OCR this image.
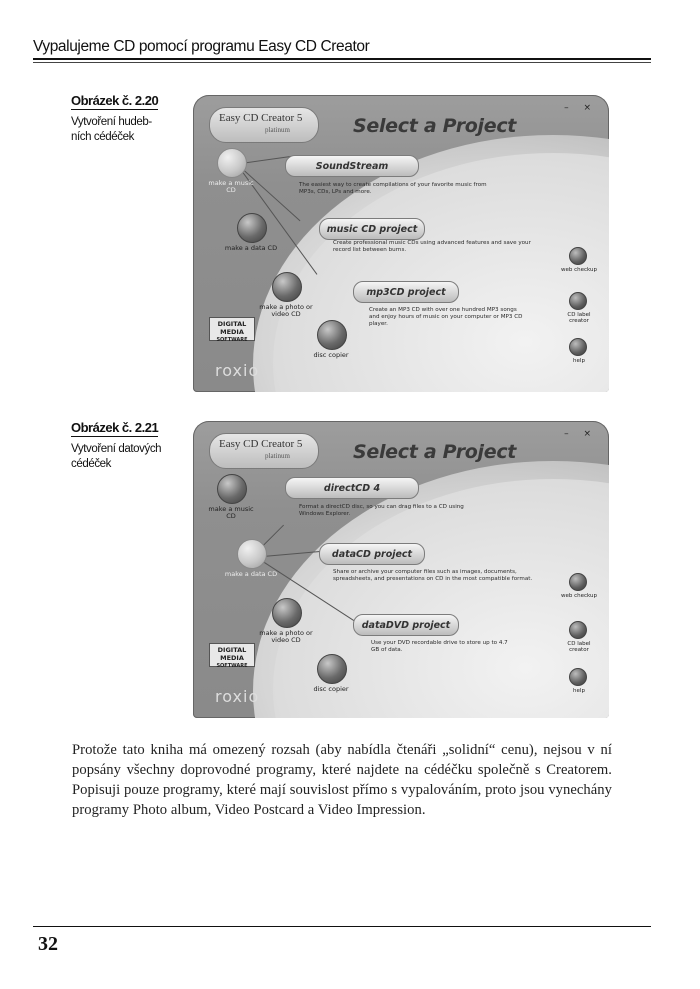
Vypalujeme CD pomocí programu Easy CD Creator
Obrázek č. 2.20
Vytvoření hudeb-
ních cédéček
Easy CD Creator 5
platinum	Select a Project
– ×
make a music CD
make a data CD
make a photo or video CD
disc copier
DIGITAL
MEDIA
SOFTWARE
roxio
SoundStream
The easiest way to create compilations of your favorite music from MP3s, CDs, LPs and more.
music CD project
Create professional music CDs using advanced features and save your record list between burns.
mp3CD project
Create an MP3 CD with over one hundred MP3 songs and enjoy hours of music on your computer or MP3 CD player.
web checkup
CD label creator
help
Obrázek č. 2.21
Vytvoření datových
cédéček
Easy CD Creator 5
platinum	Select a Project
– ×
make a music CD
make a data CD
make a photo or video CD
disc copier
DIGITAL
MEDIA
SOFTWARE
roxio
directCD 4
Format a directCD disc, so you can drag files to a CD using Windows Explorer.
dataCD project
Share or archive your computer files such as images, documents, spreadsheets, and presentations on CD in the most compatible format.
dataDVD project
Use your DVD recordable drive to store up to 4.7 GB of data.
web checkup
CD label creator
help
Protože tato kniha má omezený rozsah (aby nabídla čtenáři „solidní“ cenu), nejsou v ní popsány všechny doprovodné programy, které najdete na cédéčku společně s Creatorem. Popisuji pouze programy, které mají souvislost přímo s vypalováním, proto jsou vynechány programy Photo album, Video Postcard a Video Impression.
32
